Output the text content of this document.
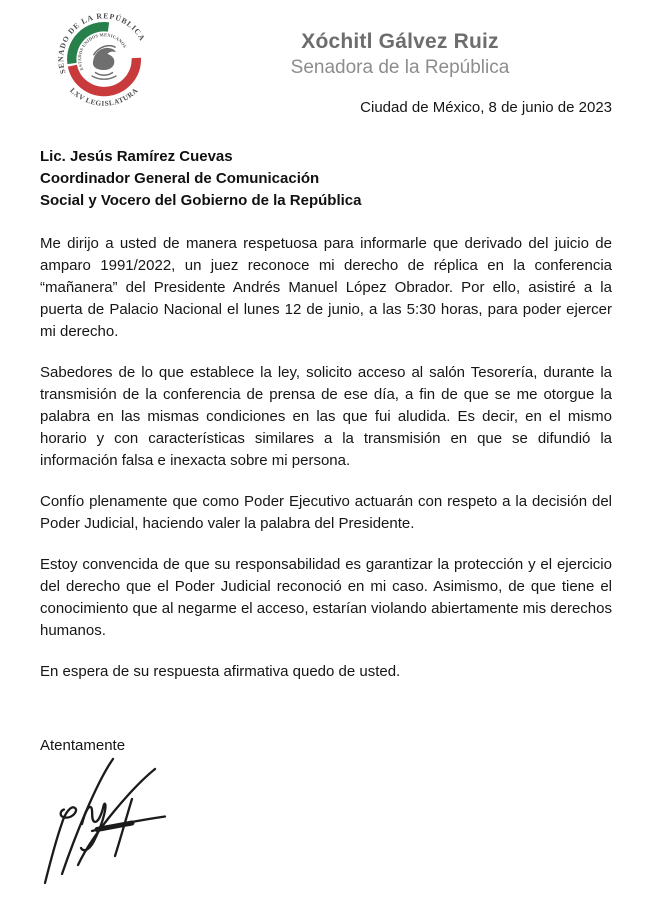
ESTADOS UNIDOS MEXICANOS
SENADO DE LA REPÚBLICA
LXV LEGISLATURA
Xóchitl Gálvez Ruiz
Senadora de la República
Ciudad de México, 8 de junio de 2023
Lic. Jesús Ramírez Cuevas
Coordinador General de Comunicación
Social y Vocero del Gobierno de la República

Me dirijo a usted de manera respetuosa para informarle que derivado del juicio de amparo 1991/2022, un juez reconoce mi derecho de réplica en la conferencia “mañanera” del Presidente Andrés Manuel López Obrador. Por ello, asistiré a la puerta de Palacio Nacional el lunes 12 de junio, a las 5:30 horas, para poder ejercer mi derecho.

Sabedores de lo que establece la ley, solicito acceso al salón Tesorería, durante la transmisión de la conferencia de prensa de ese día, a fin de que se me otorgue la palabra en las mismas condiciones en las que fui aludida. Es decir, en el mismo horario y con características similares a la transmisión en que se difundió la información falsa e inexacta sobre mi persona.

Confío plenamente que como Poder Ejecutivo actuarán con respeto a la decisión del Poder Judicial, haciendo valer la palabra del Presidente.

Estoy convencida de que su responsabilidad es garantizar la protección y el ejercicio del derecho que el Poder Judicial reconoció en mi caso. Asimismo, de que tiene el conocimiento que al negarme el acceso, estarían violando abiertamente mis derechos humanos.

En espera de su respuesta afirmativa quedo de usted.

Atentamente
